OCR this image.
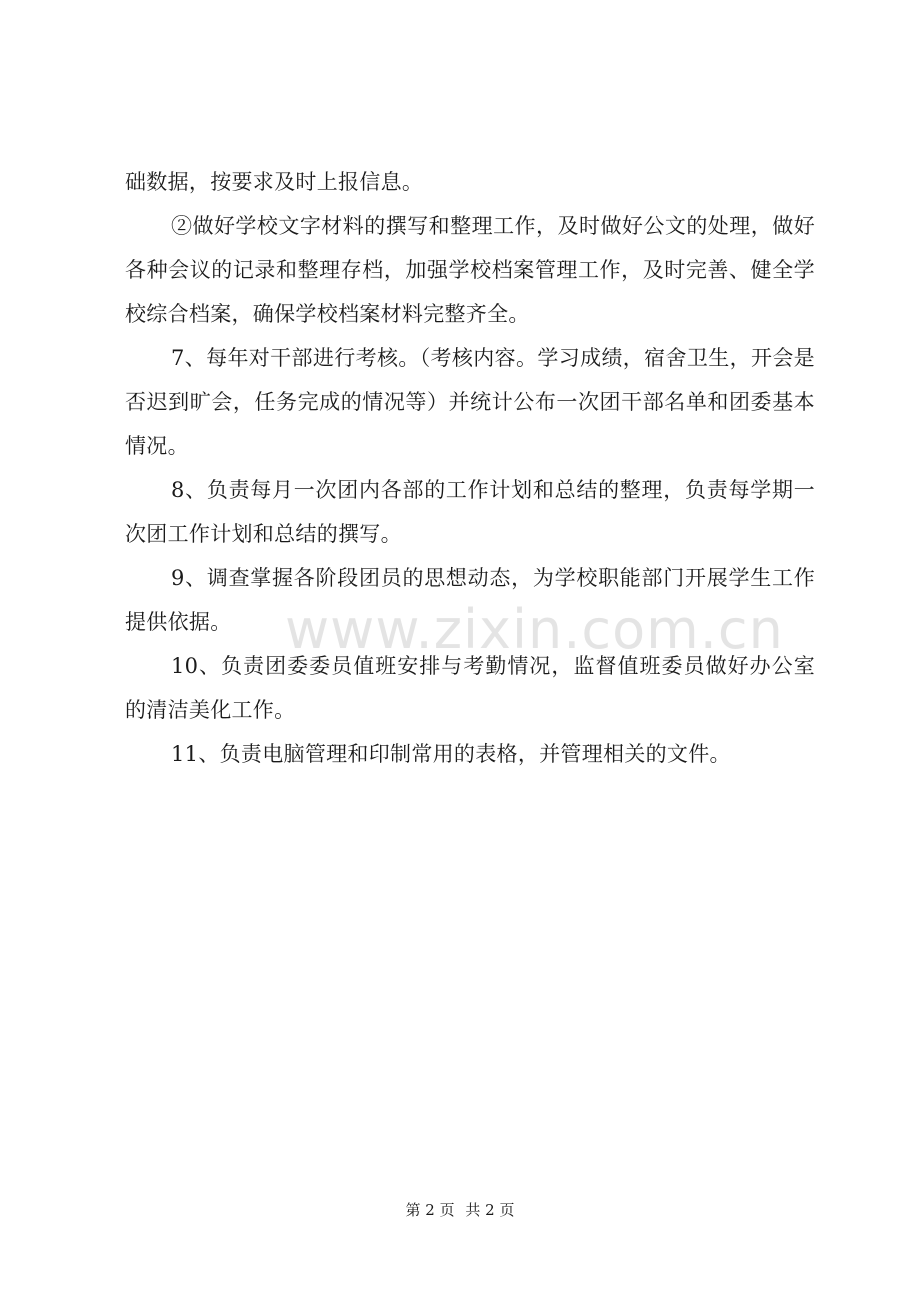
础数据，按要求及时上报信息。

②做好学校文字材料的撰写和整理工作，及时做好公文的处理，做好各种会议的记录和整理存档，加强学校档案管理工作，及时完善、健全学校综合档案，确保学校档案材料完整齐全。

7、每年对干部进行考核。（考核内容。学习成绩，宿舍卫生，开会是否迟到旷会，任务完成的情况等）并统计公布一次团干部名单和团委基本情况。

8、负责每月一次团内各部的工作计划和总结的整理，负责每学期一次团工作计划和总结的撰写。

9、调查掌握各阶段团员的思想动态，为学校职能部门开展学生工作提供依据。

10、负责团委委员值班安排与考勤情况，监督值班委员做好办公室的清洁美化工作。

11、负责电脑管理和印制常用的表格，并管理相关的文件。

www.zixin.com.cn
第 2 页 共 2 页
